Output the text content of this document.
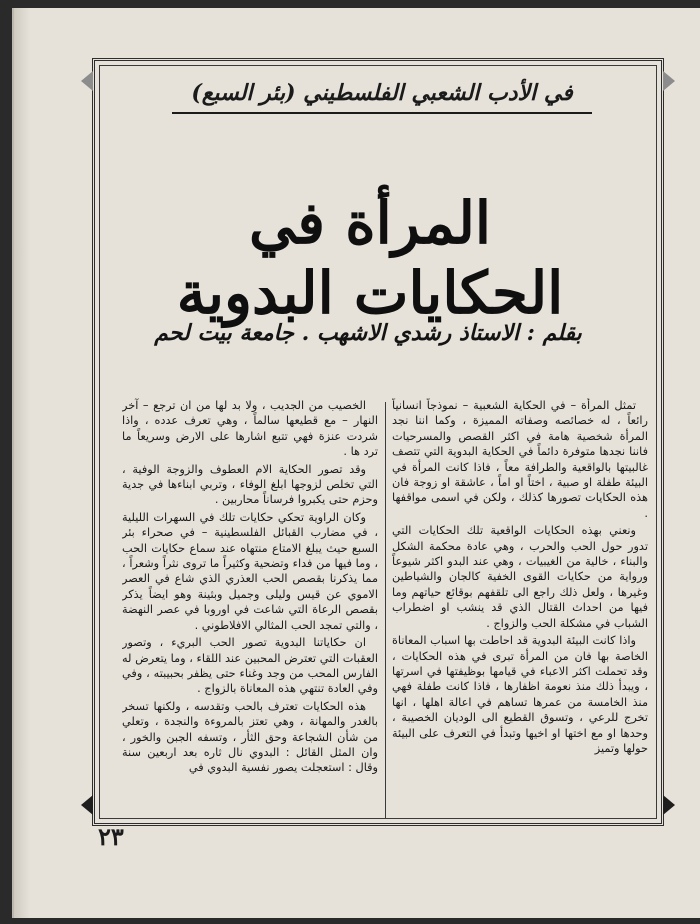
في الأدب الشعبي الفلسطيني (بئر السبع)
المرأة في الحكايات البدوية
بقلم : الاستاذ رشدي الاشهب . جامعة بيت لحم

تمثل المرأة – في الحكاية الشعبية – نموذجاً انسانياً رائعاً ، له خصائصه وصفاته المميزة ، وكما اننا نجد المرأة شخصية هامة في اكثر القصص والمسرحيات فاننا نجدها متوفرة دائماً في الحكاية البدوية التي تتصف غالبيتها بالواقعية والطرافة معاً ، فاذا كانت المرأة في البيئة طفلة او صبية ، اختاً او اماً ، عاشقة او زوجة فان هذه الحكايات تصورها كذلك ، ولكن في اسمى مواقفها .

ونعني بهذه الحكايات الواقعية تلك الحكايات التي تدور حول الحب والحرب ، وهي عادة محكمة الشكل والبناء ، خالية من الغيبيات ، وهي عند البدو اكثر شيوعاً ورواية من حكايات القوى الخفية كالجان والشياطين وغيرها ، ولعل ذلك راجع الى تلقفهم بوقائع حياتهم وما فيها من احداث القتال الذي قد ينشب او اضطراب الشباب في مشكلة الحب والزواج .

واذا كانت البيئة البدوية قد احاطت بها اسباب المعاناة الخاصة بها فان من المرأة تبرى في هذه الحكايات ، وقد تحملت اكثر الاعباء في قيامها بوظيفتها في اسرتها ، ويبدأ ذلك منذ نعومة اظفارها ، فاذا كانت طفلة فهي منذ الخامسة من عمرها تساهم في اعالة اهلها ، انها تخرج للرعي ، وتسوق القطيع الى الوديان الخصيبة ، وحدها او مع اختها او اخيها وتبدأ في التعرف على البيئة حولها وتميز

الخصيب من الجديب ، ولا بد لها من ان ترجع – آخر النهار – مع قطيعها سالماً ، وهي تعرف عدده ، واذا شردت عنزة فهي تتبع اشارها على الارض وسريعاً ما ترد ها .

وقد تصور الحكاية الام العطوف والزوجة الوفية ، التي تخلص لزوجها ابلغ الوفاء ، وتربي ابناءها في جدية وحزم حتى يكبروا فرساناً محاربين .

وكان الراوية تحكي حكايات تلك في السهرات الليلية ، في مضارب القبائل الفلسطينية – في صحراء بئر السبع حيث يبلغ الامتاع منتهاه عند سماع حكايات الحب ، وما فيها من فداء وتضحية وكثيراً ما تروى نثراً وشعراً ، مما يذكرنا بقصص الحب العذري الذي شاع في العصر الاموي عن قيس وليلى وجميل وبثينة وهو ايضاً يذكر بقصص الرعاة التي شاعت في اوروبا في عصر النهضة ، والتي تمجد الحب المثالي الافلاطوني .

ان حكاياتنا البدوية تصور الحب البريء ، وتصور العقبات التي تعترض المحبين عند اللقاء ، وما يتعرض له الفارس المحب من وجد وغناء حتى يظفر بحبيبته ، وفي وفي العادة تنتهي هذه المعاناة بالزواج .

هذه الحكايات تعترف بالحب وتقدسه ، ولكنها تسخر بالغدر والمهانة ، وهي تعتز بالمروءة والنجدة ، وتعلي من شأن الشجاعة وحق الثأر ، وتسفه الجبن والخور ، وان المثل القائل : البدوي نال ثاره بعد اربعين سنة وقال : استعجلت يصور نفسية البدوي في

٢٣
